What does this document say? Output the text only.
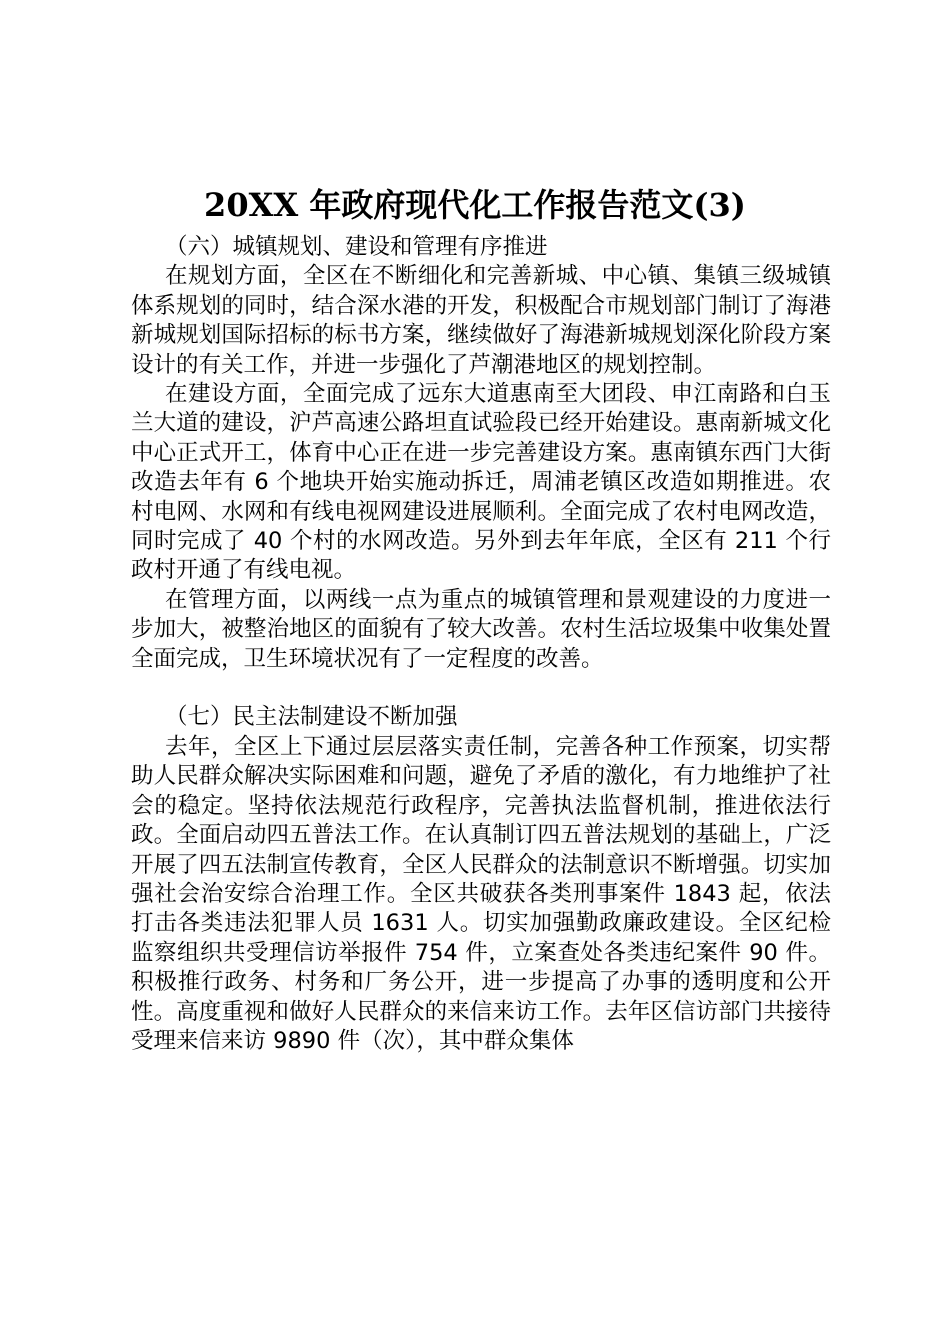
20XX 年政府现代化工作报告范文(3)

（六）城镇规划、建设和管理有序推进

在规划方面，全区在不断细化和完善新城、中心镇、集镇三级城镇体系规划的同时，结合深水港的开发，积极配合市规划部门制订了海港新城规划国际招标的标书方案，继续做好了海港新城规划深化阶段方案设计的有关工作，并进一步强化了芦潮港地区的规划控制。

在建设方面，全面完成了远东大道惠南至大团段、申江南路和白玉兰大道的建设，沪芦高速公路坦直试验段已经开始建设。惠南新城文化中心正式开工，体育中心正在进一步完善建设方案。惠南镇东西门大街改造去年有 6 个地块开始实施动拆迁，周浦老镇区改造如期推进。农村电网、水网和有线电视网建设进展顺利。全面完成了农村电网改造，同时完成了 40 个村的水网改造。另外到去年年底，全区有 211 个行政村开通了有线电视。

在管理方面，以两线一点为重点的城镇管理和景观建设的力度进一步加大，被整治地区的面貌有了较大改善。农村生活垃圾集中收集处置全面完成，卫生环境状况有了一定程度的改善。

（七）民主法制建设不断加强

去年，全区上下通过层层落实责任制，完善各种工作预案，切实帮助人民群众解决实际困难和问题，避免了矛盾的激化，有力地维护了社会的稳定。坚持依法规范行政程序，完善执法监督机制，推进依法行政。全面启动四五普法工作。在认真制订四五普法规划的基础上，广泛开展了四五法制宣传教育，全区人民群众的法制意识不断增强。切实加强社会治安综合治理工作。全区共破获各类刑事案件 1843 起，依法打击各类违法犯罪人员 1631 人。切实加强勤政廉政建设。全区纪检监察组织共受理信访举报件 754 件，立案查处各类违纪案件 90 件。积极推行政务、村务和厂务公开，进一步提高了办事的透明度和公开性。高度重视和做好人民群众的来信来访工作。去年区信访部门共接待受理来信来访 9890 件（次），其中群众集体
